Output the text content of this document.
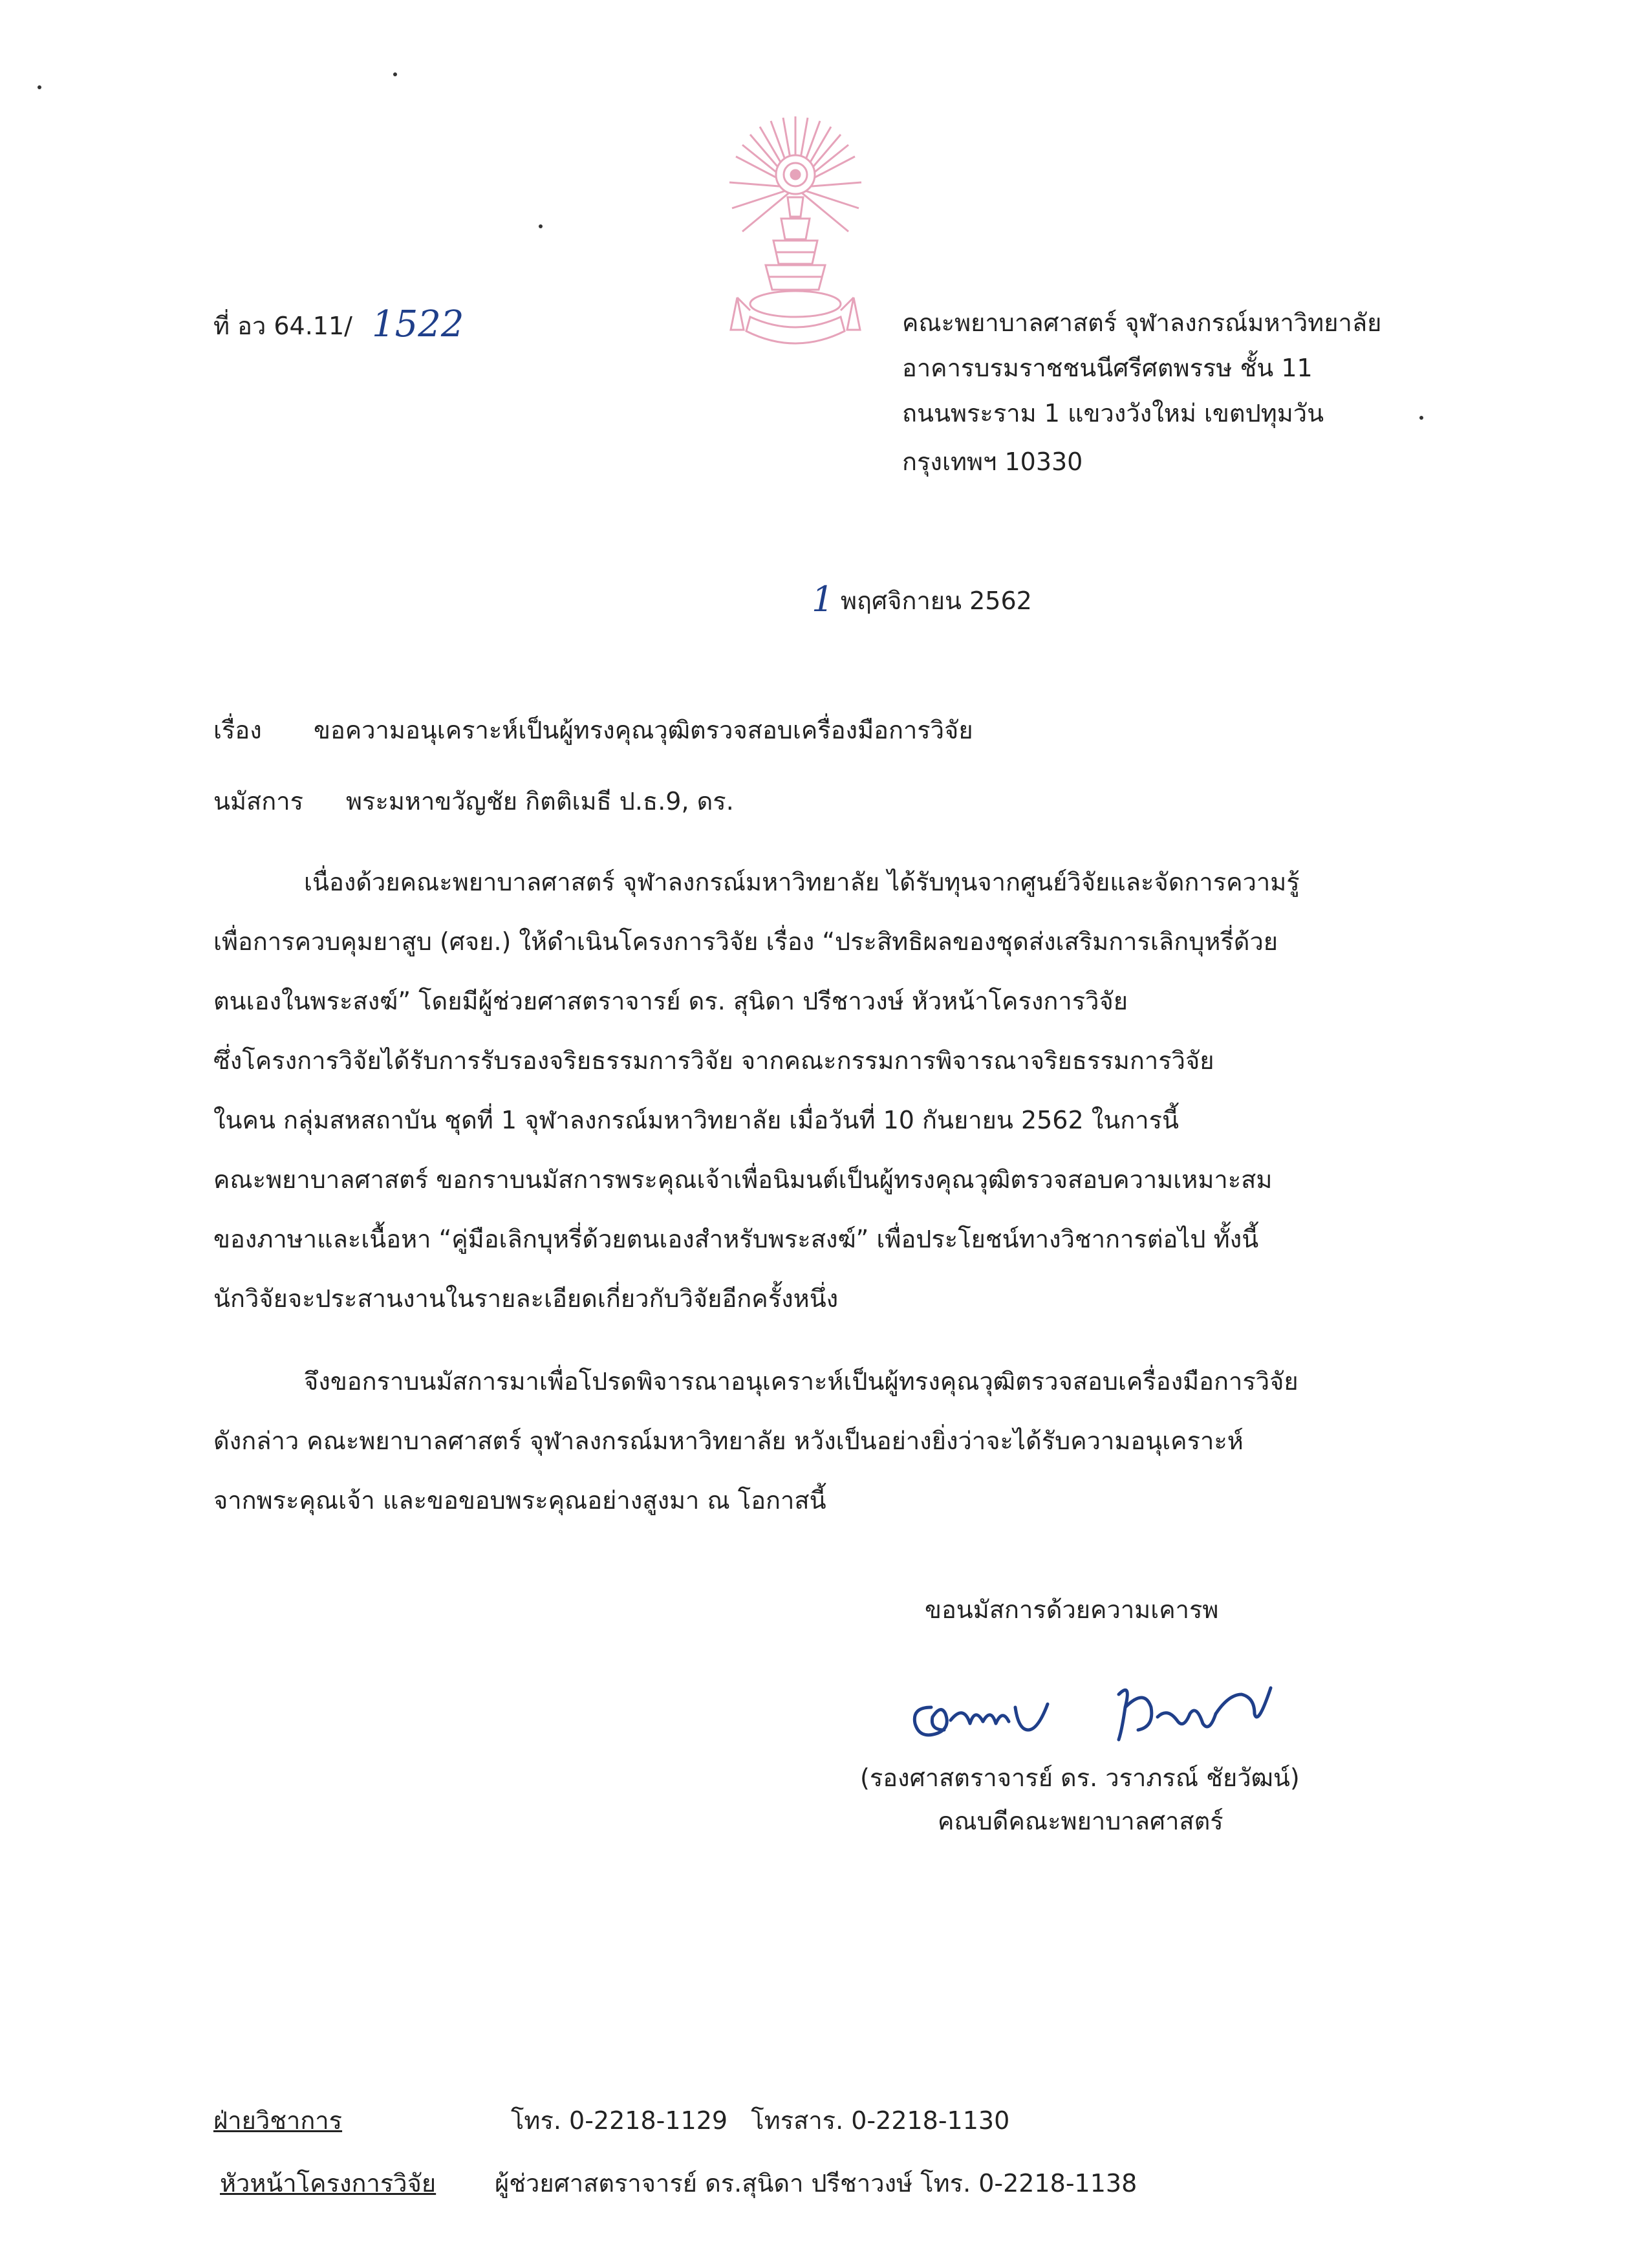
ที่ อว 64.11/ 1522	คณะพยาบาลศาสตร์ จุฬาลงกรณ์มหาวิทยาลัย
อาคารบรมราชชนนีศรีศตพรรษ ชั้น 11
ถนนพระราม 1 แขวงวังใหม่ เขตปทุมวัน
กรุงเทพฯ 10330
1 พฤศจิกายน 2562
เรื่อง ขอความอนุเคราะห์เป็นผู้ทรงคุณวุฒิตรวจสอบเครื่องมือการวิจัย
นมัสการ พระมหาขวัญชัย กิตติเมธี ป.ธ.9, ดร.
เนื่องด้วยคณะพยาบาลศาสตร์ จุฬาลงกรณ์มหาวิทยาลัย ได้รับทุนจากศูนย์วิจัยและจัดการความรู้
เพื่อการควบคุมยาสูบ (ศจย.) ให้ดำเนินโครงการวิจัย เรื่อง “ประสิทธิผลของชุดส่งเสริมการเลิกบุหรี่ด้วย
ตนเองในพระสงฆ์” โดยมีผู้ช่วยศาสตราจารย์ ดร. สุนิดา ปรีชาวงษ์ หัวหน้าโครงการวิจัย
ซึ่งโครงการวิจัยได้รับการรับรองจริยธรรมการวิจัย จากคณะกรรมการพิจารณาจริยธรรมการวิจัย
ในคน กลุ่มสหสถาบัน ชุดที่ 1 จุฬาลงกรณ์มหาวิทยาลัย เมื่อวันที่ 10 กันยายน 2562 ในการนี้
คณะพยาบาลศาสตร์ ขอกราบนมัสการพระคุณเจ้าเพื่อนิมนต์เป็นผู้ทรงคุณวุฒิตรวจสอบความเหมาะสม
ของภาษาและเนื้อหา “คู่มือเลิกบุหรี่ด้วยตนเองสำหรับพระสงฆ์” เพื่อประโยชน์ทางวิชาการต่อไป ทั้งนี้
นักวิจัยจะประสานงานในรายละเอียดเกี่ยวกับวิจัยอีกครั้งหนึ่ง
จึงขอกราบนมัสการมาเพื่อโปรดพิจารณาอนุเคราะห์เป็นผู้ทรงคุณวุฒิตรวจสอบเครื่องมือการวิจัย
ดังกล่าว คณะพยาบาลศาสตร์ จุฬาลงกรณ์มหาวิทยาลัย หวังเป็นอย่างยิ่งว่าจะได้รับความอนุเคราะห์
จากพระคุณเจ้า และขอขอบพระคุณอย่างสูงมา ณ โอกาสนี้
ขอนมัสการด้วยความเคารพ
(รองศาสตราจารย์ ดร. วราภรณ์ ชัยวัฒน์)
คณบดีคณะพยาบาลศาสตร์
ฝ่ายวิชาการ	โทร. 0-2218-1129   โทรสาร. 0-2218-1130
หัวหน้าโครงการวิจัย ผู้ช่วยศาสตราจารย์ ดร.สุนิดา ปรีชาวงษ์ โทร. 0-2218-1138
